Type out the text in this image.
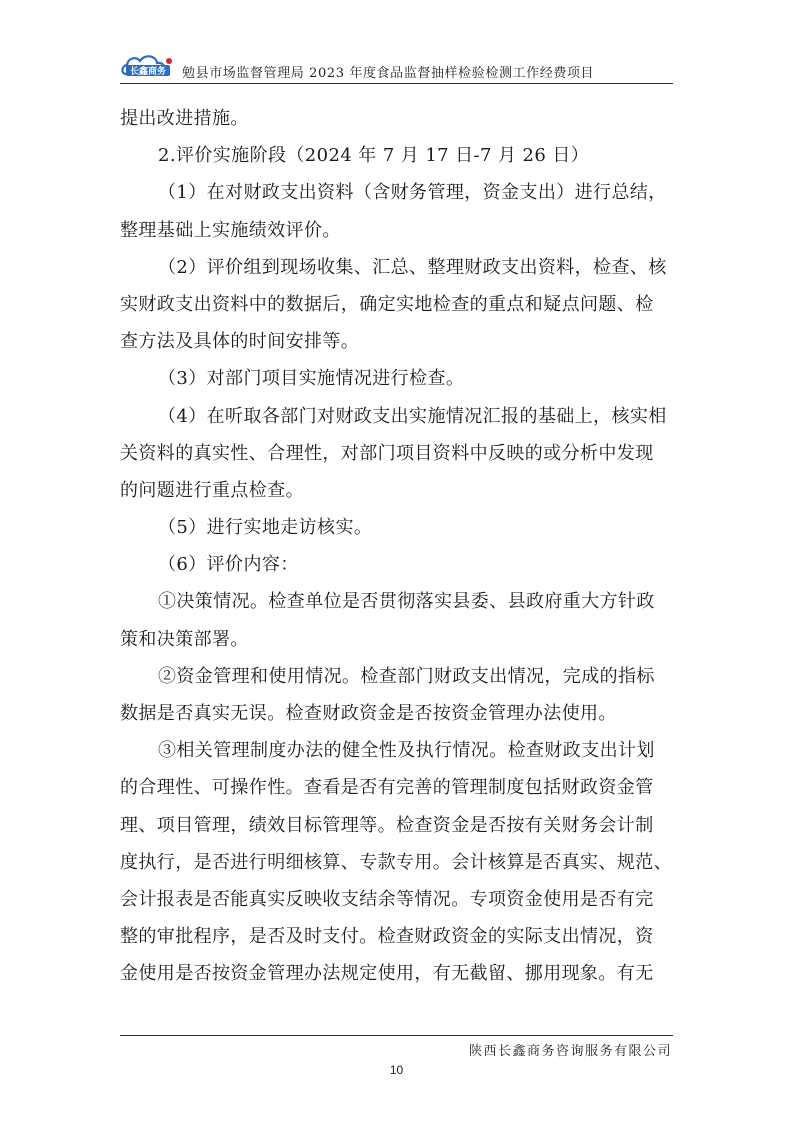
长鑫商务 勉县市场监督管理局 2023 年度食品监督抽样检验检测工作经费项目
提出改进措施。
2.评价实施阶段（2024 年 7 月 17 日-7 月 26 日）
（1）在对财政支出资料（含财务管理，资金支出）进行总结，
整理基础上实施绩效评价。
（2）评价组到现场收集、汇总、整理财政支出资料，检查、核
实财政支出资料中的数据后，确定实地检查的重点和疑点问题、检
查方法及具体的时间安排等。
（3）对部门项目实施情况进行检查。
（4）在听取各部门对财政支出实施情况汇报的基础上，核实相
关资料的真实性、合理性，对部门项目资料中反映的或分析中发现
的问题进行重点检查。
（5）进行实地走访核实。
（6）评价内容：
①决策情况。检查单位是否贯彻落实县委、县政府重大方针政
策和决策部署。
②资金管理和使用情况。检查部门财政支出情况，完成的指标
数据是否真实无误。检查财政资金是否按资金管理办法使用。
③相关管理制度办法的健全性及执行情况。检查财政支出计划
的合理性、可操作性。查看是否有完善的管理制度包括财政资金管
理、项目管理，绩效目标管理等。检查资金是否按有关财务会计制
度执行，是否进行明细核算、专款专用。会计核算是否真实、规范、
会计报表是否能真实反映收支结余等情况。专项资金使用是否有完
整的审批程序，是否及时支付。检查财政资金的实际支出情况，资
金使用是否按资金管理办法规定使用，有无截留、挪用现象。有无
陕西长鑫商务咨询服务有限公司
10
